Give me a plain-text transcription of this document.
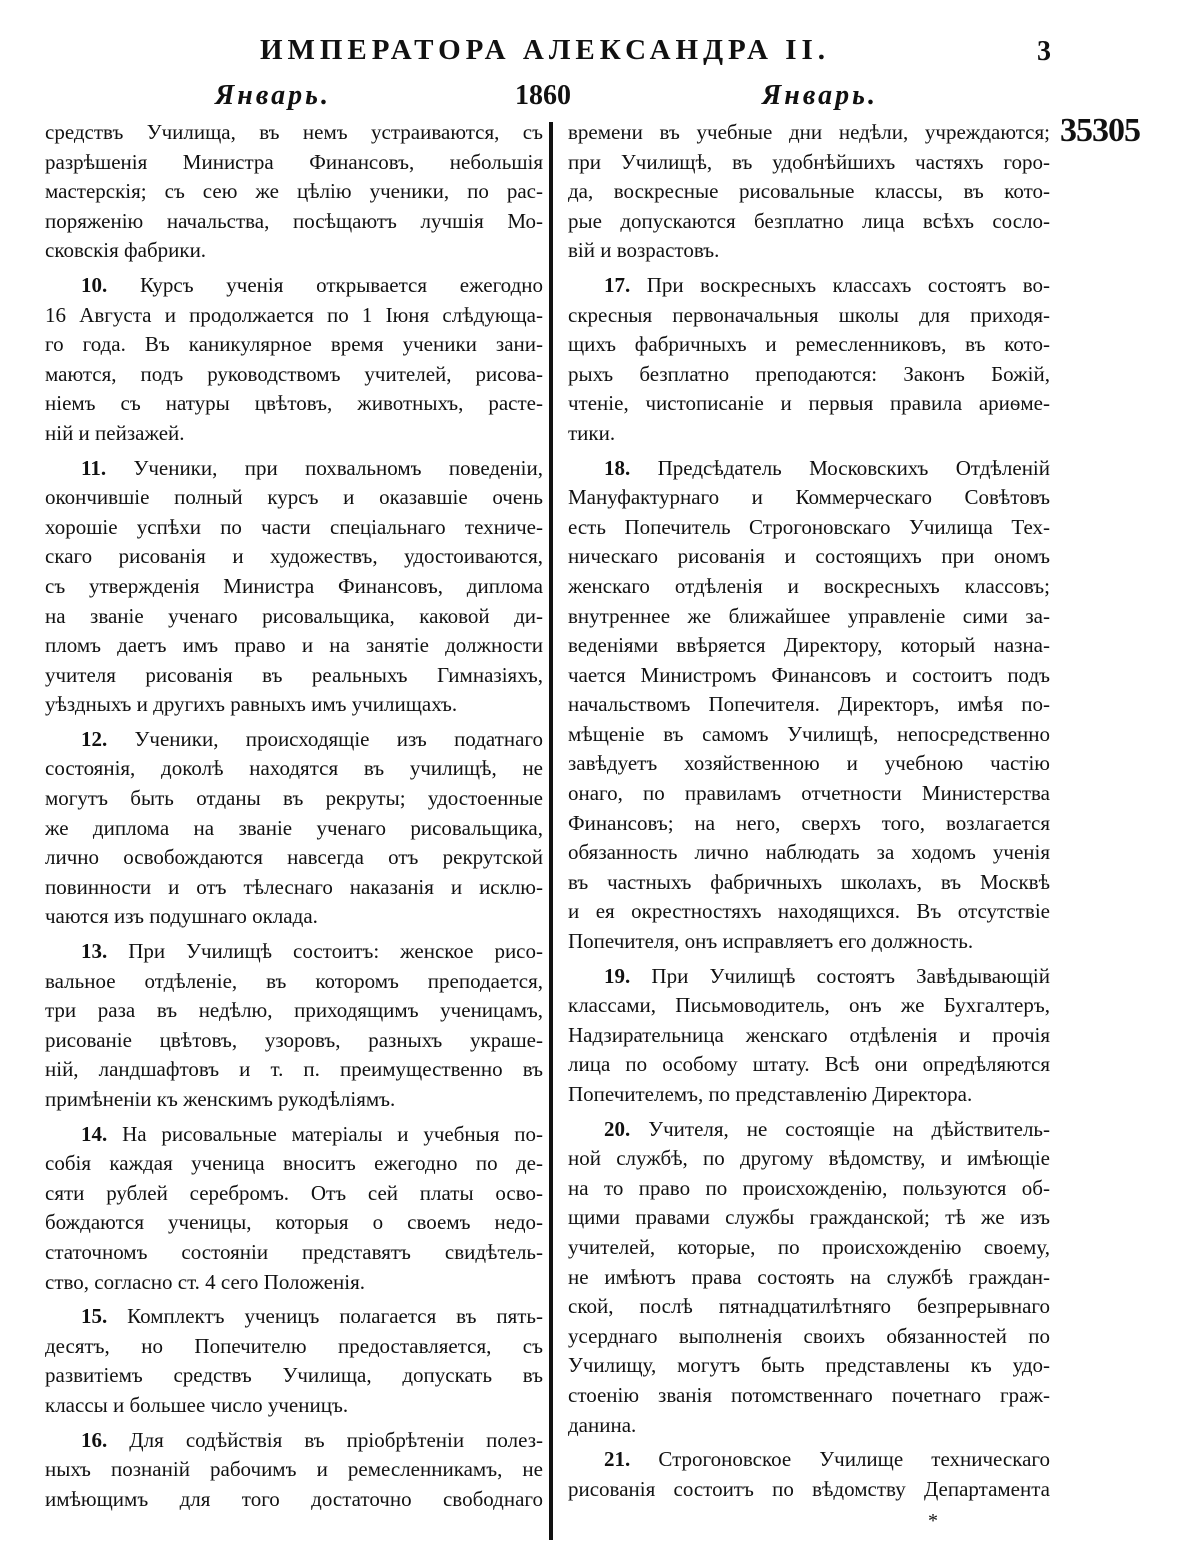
ИМПЕРАТОРА АЛЕКСАНДРА II.	3
Январь.	1860	Январь.
35305
средствъ Училища, въ немъ устраиваются, съ
разрѣшенія Министра Финансовъ, небольшія
мастерскія; съ сею же цѣлію ученики, по рас-
поряженію начальства, посѣщаютъ лучшія Мо-
сковскія фабрики.
10. Курсъ ученія открывается ежегодно
16 Августа и продолжается по 1 Іюня слѣдующа-
го года. Въ каникулярное время ученики зани-
маются, подъ руководствомъ учителей, рисова-
ніемъ съ натуры цвѣтовъ, животныхъ, расте-
ній и пейзажей.
11. Ученики, при похвальномъ поведеніи,
окончившіе полный курсъ и оказавшіе очень
хорошіе успѣхи по части спеціальнаго техниче-
скаго рисованія и художествъ, удостоиваются,
съ утвержденія Министра Финансовъ, диплома
на званіе ученаго рисовальщика, каковой ди-
пломъ даетъ имъ право и на занятіе должности
учителя рисованія въ реальныхъ Гимназіяхъ,
уѣздныхъ и другихъ равныхъ имъ училищахъ.
12. Ученики, происходящіе изъ податнаго
состоянія, доколѣ находятся въ училищѣ, не
могутъ быть отданы въ рекруты; удостоенные
же диплома на званіе ученаго рисовальщика,
лично освобождаются навсегда отъ рекрутской
повинности и отъ тѣлеснаго наказанія и исклю-
чаются изъ подушнаго оклада.
13. При Училищѣ состоитъ: женское рисо-
вальное отдѣленіе, въ которомъ преподается,
три раза въ недѣлю, приходящимъ ученицамъ,
рисованіе цвѣтовъ, узоровъ, разныхъ украше-
ній, ландшафтовъ и т. п. преимущественно въ
примѣненіи къ женскимъ рукодѣліямъ.
14. На рисовальные матеріалы и учебныя по-
собія каждая ученица вноситъ ежегодно по де-
сяти рублей серебромъ. Отъ сей платы осво-
бождаются ученицы, которыя о своемъ недо-
статочномъ состояніи представятъ свидѣтель-
ство, согласно ст. 4 сего Положенія.
15. Комплектъ ученицъ полагается въ пять-
десятъ, но Попечителю предоставляется, съ
развитіемъ средствъ Училища, допускать въ
классы и большее число ученицъ.
16. Для содѣйствія въ пріобрѣтеніи полез-
ныхъ познаній рабочимъ и ремесленникамъ, не
имѣющимъ для того достаточно свободнаго
времени въ учебные дни недѣли, учреждаются;
при Училищѣ, въ удобнѣйшихъ частяхъ горо-
да, воскресные рисовальные классы, въ кото-
рые допускаются безплатно лица всѣхъ сосло-
вій и возрастовъ.
17. При воскресныхъ классахъ состоятъ во-
скресныя первоначальныя школы для приходя-
щихъ фабричныхъ и ремесленниковъ, въ кото-
рыхъ безплатно преподаются: Законъ Божій,
чтеніе, чистописаніе и первыя правила ариѳме-
тики.
18. Предсѣдатель Московскихъ Отдѣленій
Мануфактурнаго и Коммерческаго Совѣтовъ
есть Попечитель Строгоновскаго Училища Тех-
ническаго рисованія и состоящихъ при ономъ
женскаго отдѣленія и воскресныхъ классовъ;
внутреннее же ближайшее управленіе сими за-
веденіями ввѣряется Директору, который назна-
чается Министромъ Финансовъ и состоитъ подъ
начальствомъ Попечителя. Директоръ, имѣя по-
мѣщеніе въ самомъ Училищѣ, непосредственно
завѣдуетъ хозяйственною и учебною частію
онаго, по правиламъ отчетности Министерства
Финансовъ; на него, сверхъ того, возлагается
обязанность лично наблюдать за ходомъ ученія
въ частныхъ фабричныхъ школахъ, въ Москвѣ
и ея окрестностяхъ находящихся. Въ отсутствіе
Попечителя, онъ исправляетъ его должность.
19. При Училищѣ состоятъ Завѣдывающій
классами, Письмоводитель, онъ же Бухгалтеръ,
Надзирательница женскаго отдѣленія и прочія
лица по особому штату. Всѣ они опредѣляются
Попечителемъ, по представленію Директора.
20. Учителя, не состоящіе на дѣйствитель-
ной службѣ, по другому вѣдомству, и имѣющіе
на то право по происхожденію, пользуются об-
щими правами службы гражданской; тѣ же изъ
учителей, которые, по происхожденію своему,
не имѣютъ права состоять на службѣ граждан-
ской, послѣ пятнадцатилѣтняго безпрерывнаго
усерднаго выполненія своихъ обязанностей по
Училищу, могутъ быть представлены къ удо-
стоенію званія потомственнаго почетнаго граж-
данина.
21. Строгоновское Училище техническаго
рисованія состоитъ по вѣдомству Департамента
*
